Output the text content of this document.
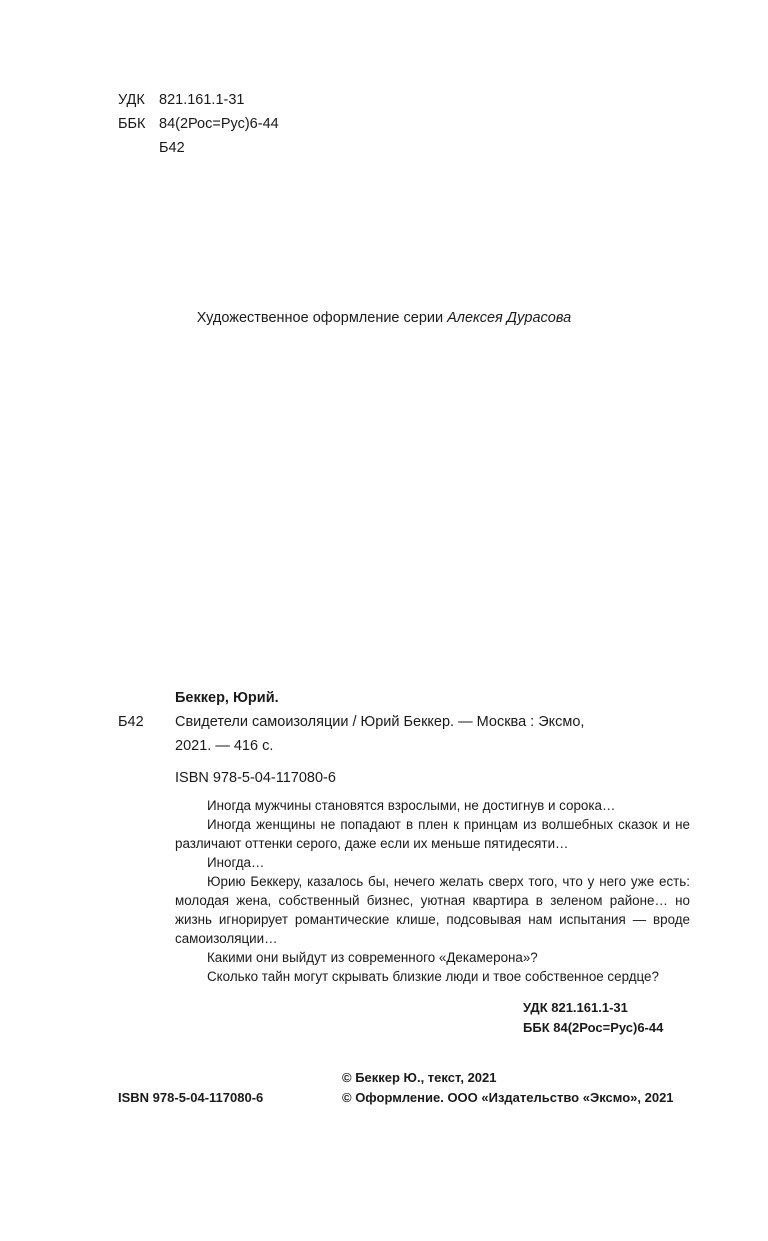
УДК 821.161.1-31
ББК 84(2Рос=Рус)6-44
Б42
Художественное оформление серии Алексея Дурасова
Беккер, Юрий.
Б42	Свидетели самоизоляции / Юрий Беккер. — Москва : Эксмо,
2021. — 416 с.
ISBN 978-5-04-117080-6

Иногда мужчины становятся взрослыми, не достигнув и сорока…

Иногда женщины не попадают в плен к принцам из волшебных сказок и не различают оттенки серого, даже если их меньше пятидесяти…

Иногда…

Юрию Беккеру, казалось бы, нечего желать сверх того, что у него уже есть: молодая жена, собственный бизнес, уютная квартира в зеленом районе… но жизнь игнорирует романтические клише, подсовывая нам испытания — вроде самоизоляции…

Какими они выйдут из современного «Декамерона»?

Сколько тайн могут скрывать близкие люди и твое собственное сердце?

УДК 821.161.1-31
ББК 84(2Рос=Рус)6-44
ISBN 978-5-04-117080-6
© Беккер Ю., текст, 2021
© Оформление. ООО «Издательство «Эксмо», 2021
